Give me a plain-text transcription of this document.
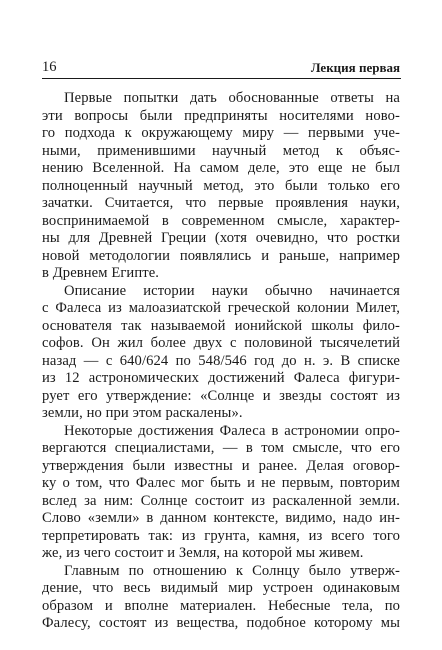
16	Лекция первая

Первые попытки дать обоснованные ответы на
эти вопросы были предприняты носителями ново-
го подхода к окружающему миру — первыми уче-
ными, применившими научный метод к объяс-
нению Вселенной. На самом деле, это еще не был
полноценный научный метод, это были только его
зачатки. Считается, что первые проявления науки,
воспринимаемой в современном смысле, характер-
ны для Древней Греции (хотя очевидно, что ростки
новой методологии появлялись и раньше, например
в Древнем Египте.

Описание истории науки обычно начинается
с Фалеса из малоазиатской греческой колонии Милет,
основателя так называемой ионийской школы фило-
софов. Он жил более двух с половиной тысячелетий
назад — с 640/624 по 548/546 год до н. э. В списке
из 12 астрономических достижений Фалеса фигури-
рует его утверждение: «Солнце и звезды состоят из
земли, но при этом раскалены».

Некоторые достижения Фалеса в астрономии опро-
вергаются специалистами, — в том смысле, что его
утверждения были известны и ранее. Делая оговор-
ку о том, что Фалес мог быть и не первым, повторим
вслед за ним: Солнце состоит из раскаленной земли.
Слово «земли» в данном контексте, видимо, надо ин-
терпретировать так: из грунта, камня, из всего того
же, из чего состоит и Земля, на которой мы живем.

Главным по отношению к Солнцу было утверж-
дение, что весь видимый мир устроен одинаковым
образом и вполне материален. Небесные тела, по
Фалесу, состоят из вещества, подобное которому мы
